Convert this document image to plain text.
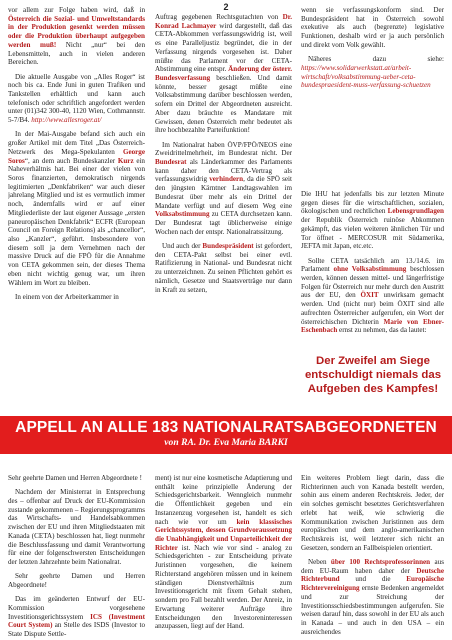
2

vor allem zur Folge haben wird, daß in Österreich die Sozial- und Umweltstandards in der Produktion gesenkt werden müssen oder die Produktion überhaupt aufgegeben werden muß! Nicht „nur“ bei den Lebensmitteln, auch in vielen anderen Bereichen.

Die aktuelle Ausgabe von „Alles Roger“ ist noch bis ca. Ende Juni in guten Trafiken und Tankstellen erhältlich und kann auch telefonisch oder schriftlich angefordert werden unter (01)342 300-40, 1120 Wien, Cothmannstr. 5-7/B4. http://www.allesroger.at/

In der Mai-Ausgabe befand sich auch ein großer Artikel mit dem Titel „Das Österreich-Netzwerk des Mega-Spekulanten George Soros“, an dem auch Bundeskanzler Kurz ein Naheverhältnis hat. Bei einer der vielen von Soros finanzierten, demokratisch nirgends legitimierten „Denkfabriken“ war auch dieser jahrelang Mitglied und ist es vermutlich immer noch, ändernfalls wird er auf einer Mitgliederliste der laut eigener Aussage „ersten paneuropäischen Denkfabrik“ ECFR (European Council on Foreign Relations) als „chancellor“, also „Kanzler“, geführt. Insbesondere von diesem soll ja dem Vernehmen nach der massive Druck auf die FPÖ für die Annahme von CETA gekommen sein, der dieses Thema eben nicht wichtig genug war, um ihren Wählern im Wort zu bleiben.

In einem von der Arbeiterkammer in

Auftrag gegebenen Rechtsgutachten von Dr. Konrad Lachmayer wird dargestellt, daß das CETA-Abkommen verfassungswidrig ist, weil es eine Paralleljustiz begründet, die in der Verfassung nirgends vorgesehen ist. Daher müßte das Parlament vor der CETA-Abstimmung eine entspr. Änderung der österr. Bundesverfassung beschließen. Und damit könnte, besser gesagt müßte eine Volksabstimmung darüber beschlossen werden, sofern ein Drittel der Abgeordneten ausreicht. Aber dazu bräuchte es Mandatare mit Gewissen, denen Österreich mehr bedeutet als ihre hochbezahlte Parteifunktion!

Im Nationalrat haben ÖVP/FPÖ/NEOS eine Zweidrittelmehrheit, im Bundesrat nicht. Der Bundesrat als Länderkammer des Parlaments kann daher den CETA-Vertrag als verfassungswidrig verhindern, da die SPÖ seit den jüngsten Kärntner Landtagswahlen im Bundesrat über mehr als ein Drittel der Mandate verfügt und auf diesem Weg eine Volksabstimmung zu CETA durchsetzen kann. Der Bundesrat tagt üblicherweise einige Wochen nach der entspr. Nationalratssitzung.

Und auch der Bundespräsident ist gefordert, den CETA-Pakt selbst bei einer evtl. Ratifizierung in National- und Bundesrat nicht zu unterzeichnen. Zu seinen Pflichten gehört es nämlich, Gesetze und Staatsverträge nur dann in Kraft zu setzen,

wenn sie verfassungskonform sind. Der Bundespräsident hat in Österreich sowohl exekutive als auch (begrenzte) legislative Funktionen, deshalb wird er ja auch persönlich und direkt vom Volk gewählt.

Näheres dazu siehe: https://www.solidarwerkstatt.at/arbeit-wirtschaft/volksabstimmung-ueber-ceta-bundespraesident-muss-verfassung-schuetzen

Die IHU hat jedenfalls bis zur letzten Minute gegen dieses für die wirtschaftlichen, sozialen, ökologischen und rechtlichen Lebensgrundlagen der Republik Österreich ruinöse Abkommen gekämpft, das vielen weiteren ähnlichen Tür und Tor öffnet - MERCOSUR mit Südamerika, JEFTA mit Japan, etc.etc.

Sollte CETA tatsächlich am 13./14.6. im Parlament ohne Volksabstimmung beschlossen werden, können dessen mittel- und längerfristige Folgen für Österreich nur mehr durch den Austritt aus der EU, den ÖXIT unwirksam gemacht werden. Und (nicht nur) beim ÖXIT sind alle aufrechten Österreicher aufgerufen, ein Wort der österreichischen Dichterin Marie von Ebner-Eschenbach ernst zu nehmen, das da lautet:

Der Zweifel am Siege entschuldigt niemals das Aufgeben des Kampfes!
APPELL AN ALLE 183 NATIONALRATSABGEORDNETEN
von RA. Dr. Eva Maria BARKI

Sehr geehrte Damen und Herren Abgeordnete !

Nachdem der Ministerrat in Entsprechung des – offenbar auf Druck der EU-Kommission zustande gekommenen – Regierungsprogramms das Wirtschafts- und Handelsabkommen zwischen der EU und ihren Mitgliedstaaten mit Kanada (CETA) beschlossen hat, liegt nunmehr die Beschlussfassung und damit Verantwortung für eine der folgenschwersten Entscheidungen der letzten Jahrzehnte beim Nationalrat.

Sehr geehrte Damen und Herren Abgeordnete!

Das im geänderten Entwurf der EU-Kommission vorgesehene Investitionsgerichtssystem ICS (Investment Court System) an Stelle des ISDS (Investor to State Dispute Settle-

ment) ist nur eine kosmetische Adaptierung und enthält keine prinzipielle Änderung der Schiedsgerichtsbarkeit. Wenngleich nunmehr die Öffentlichkeit gegeben und ein Instanzenzug vorgesehen ist, handelt es sich nach wie vor um kein klassisches Gerichtssystem, dessen Grundvoraussetzung die Unabhängigkeit und Unparteilichkeit der Richter ist. Nach wie vor sind - analog zu Schiedsgerichten - zur Entscheidung private Juristinnen vorgesehen, die keinem Richterstand angehören müssen und in keinem ständigen Dienstverhältnis zum Investitionsgericht mit fixem Gehalt stehen, sondern pro Fall bezahlt werden. Der Anreiz, in Erwartung weiterer Aufträge ihre Entscheidungen den Investoreninteressen anzupassen, liegt auf der Hand.

Ein weiteres Problem liegt darin, dass die Richterinnen auch von Kanada bestellt werden, sohin aus einem anderen Rechtskreis. Jeder, der ein solches gemischt besetztes Gerichtsverfahren erlebt hat weiß, wie schwierig die Kommunikation zwischen Juristinnen aus dem europäischen und dem anglo-amerikanischen Rechtskreis ist, weil letzterer sich nicht an Gesetzen, sondern an Fallbeispielen orientiert.

Neben über 100 Rechtsprofessorinnen aus dem EU-Raum haben daher der Deutsche Richterbund und die Europäische Richtervereinigung ernste Bedenken angemeldet und zur Streichung der Investitionsschiedsbestimmungen aufgerufen. Sie weisen darauf hin, dass sowohl in der EU als auch in Kanada – und auch in den USA – ein ausreichendes
